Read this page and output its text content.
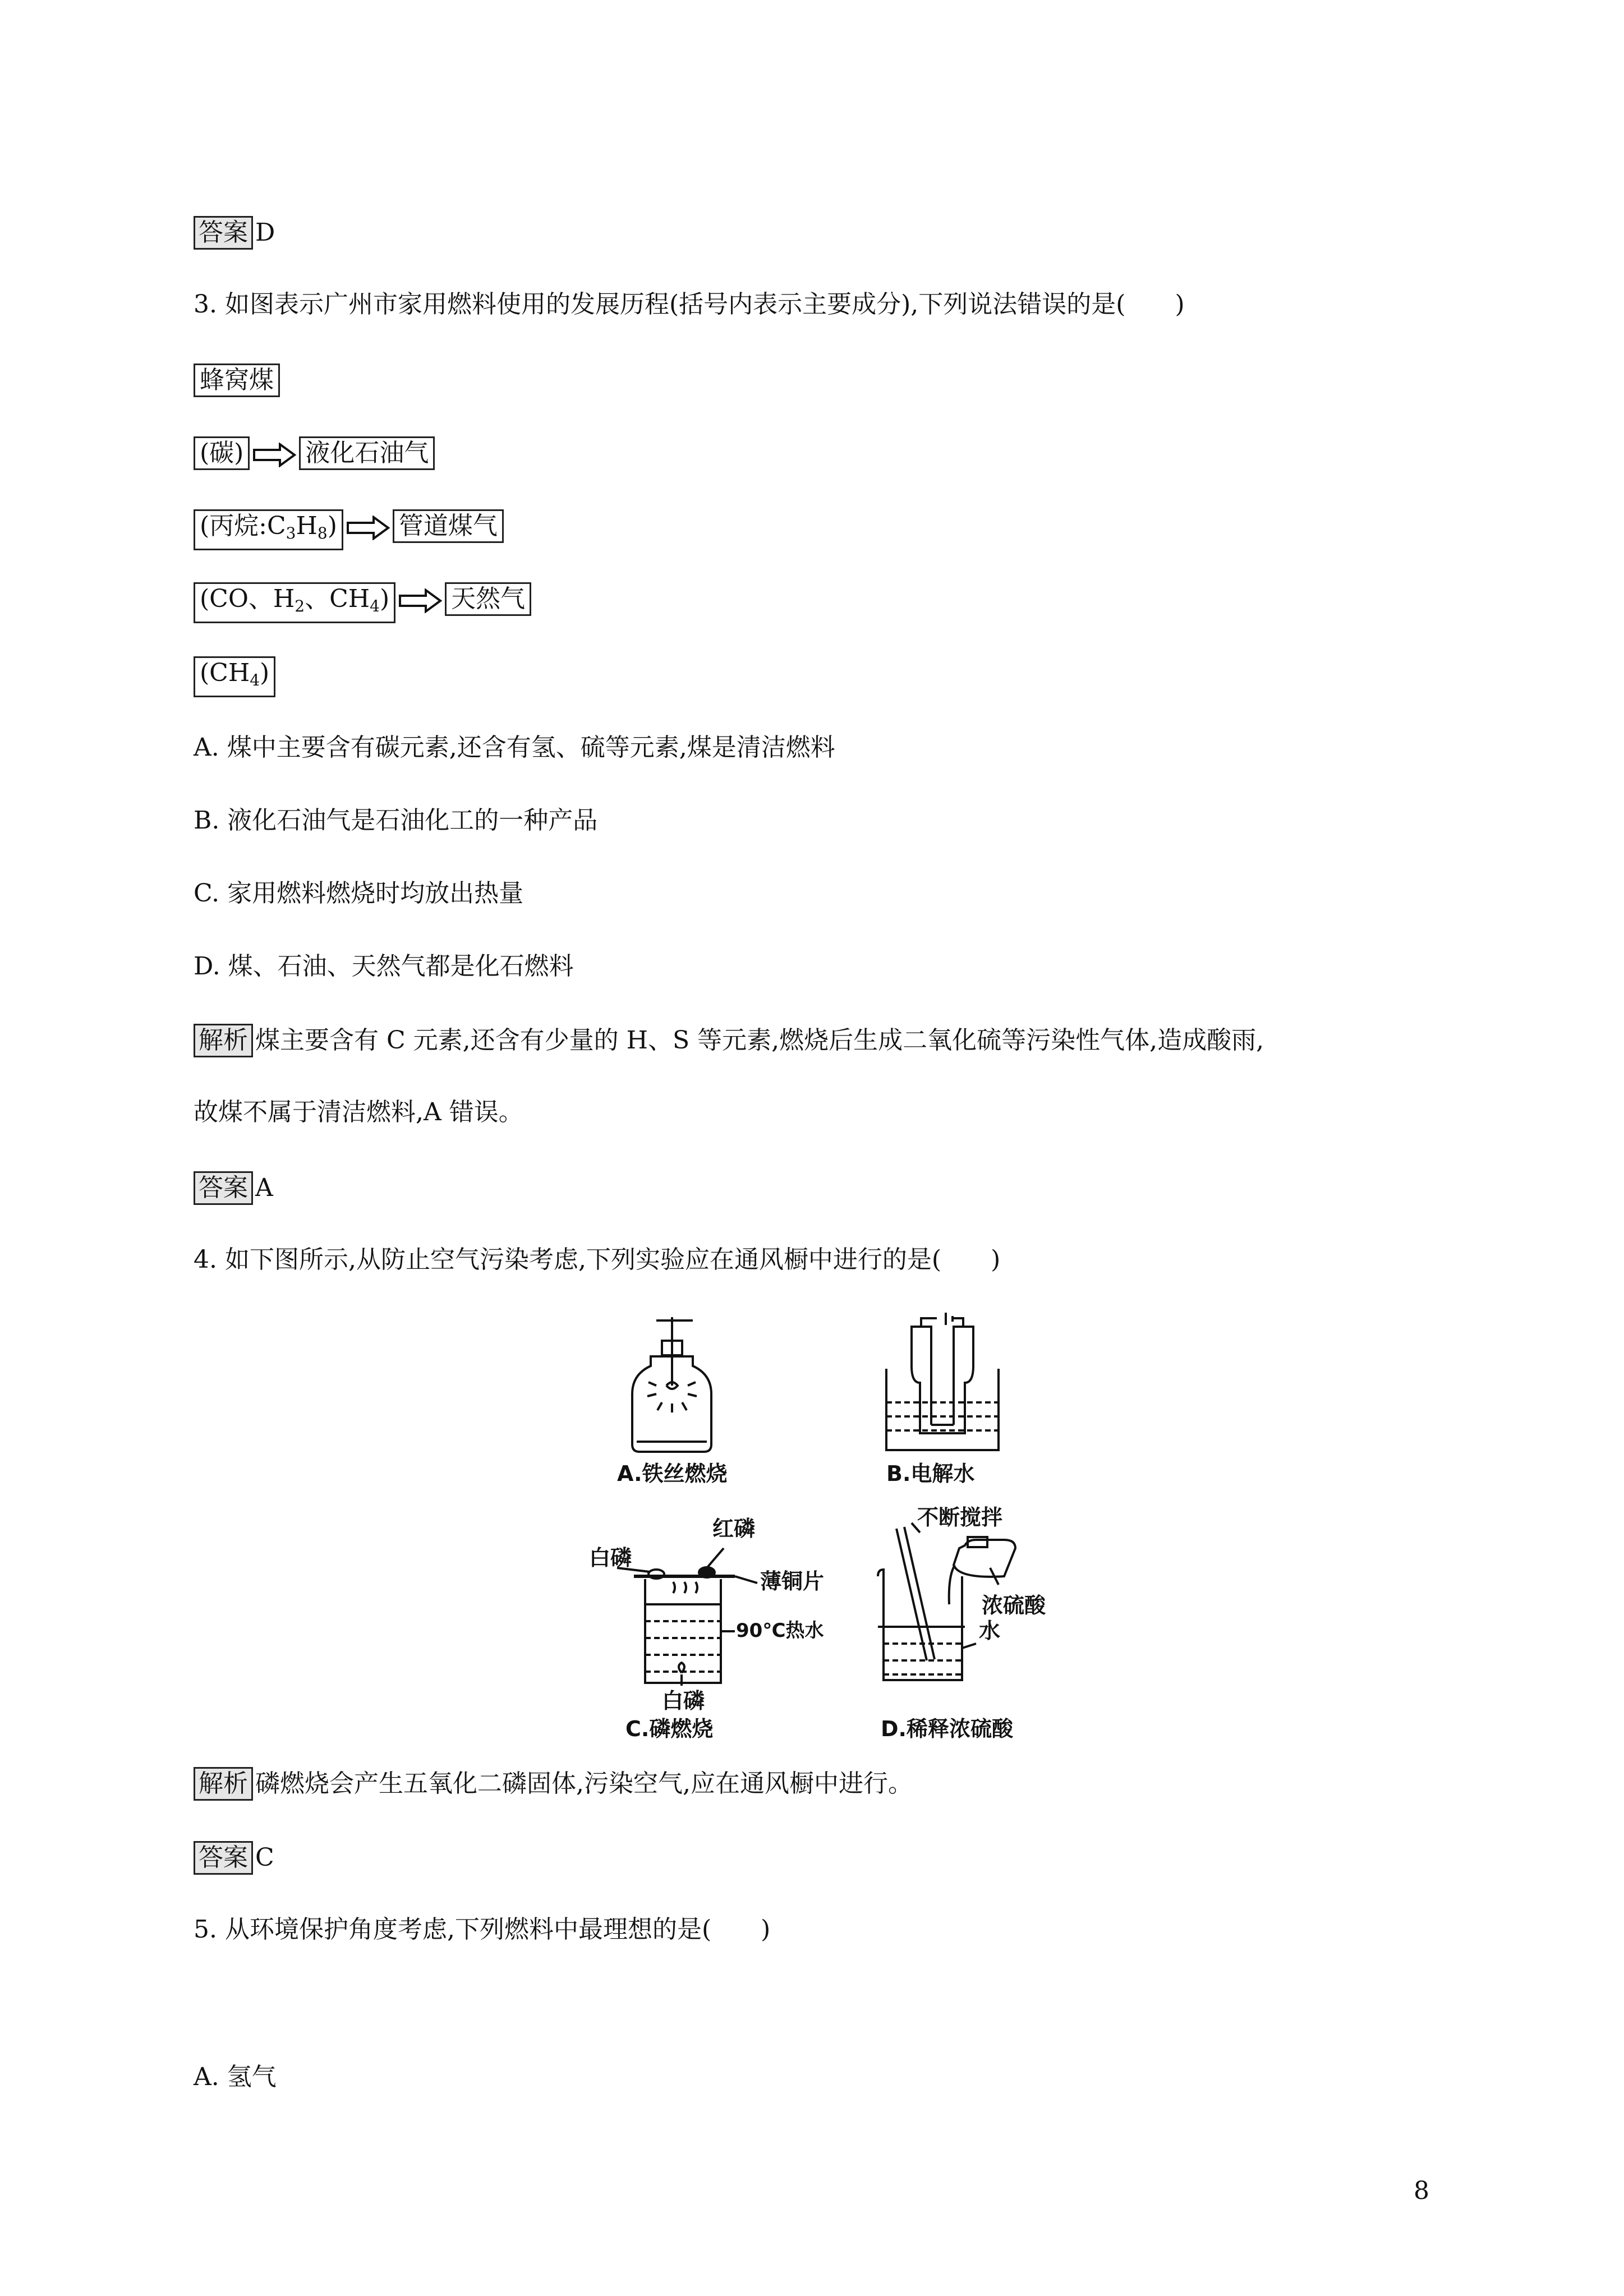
答案 D
3. 如图表示广州市家用燃料使用的发展历程(括号内表示主要成分),下列说法错误的是(　　)
蜂窝煤
(碳)	液化石油气
(丙烷$:C_3H_8$)	管道煤气
(CO、$H_2$、$CH_4$)	天然气
$(CH_4)$
A. 煤中主要含有碳元素,还含有氢、硫等元素,煤是清洁燃料
B. 液化石油气是石油化工的一种产品
C. 家用燃料燃烧时均放出热量
D. 煤、石油、天然气都是化石燃料
解析 煤主要含有 C 元素,还含有少量的 H、S 等元素,燃烧后生成二氧化硫等污染性气体,造成酸雨,
故煤不属于清洁燃料,A 错误。
答案 A
4. 如下图所示,从防止空气污染考虑,下列实验应在通风橱中进行的是(　　)
A.铁丝燃烧	B.电解水
白磷
红磷
薄铜片
90℃热水
白磷
C.磷燃烧
不断搅拌
浓硫酸
水
D.稀释浓硫酸
解析 磷燃烧会产生五氧化二磷固体,污染空气,应在通风橱中进行。
答案 C
5. 从环境保护角度考虑,下列燃料中最理想的是(　　)
A. 氢气
8
